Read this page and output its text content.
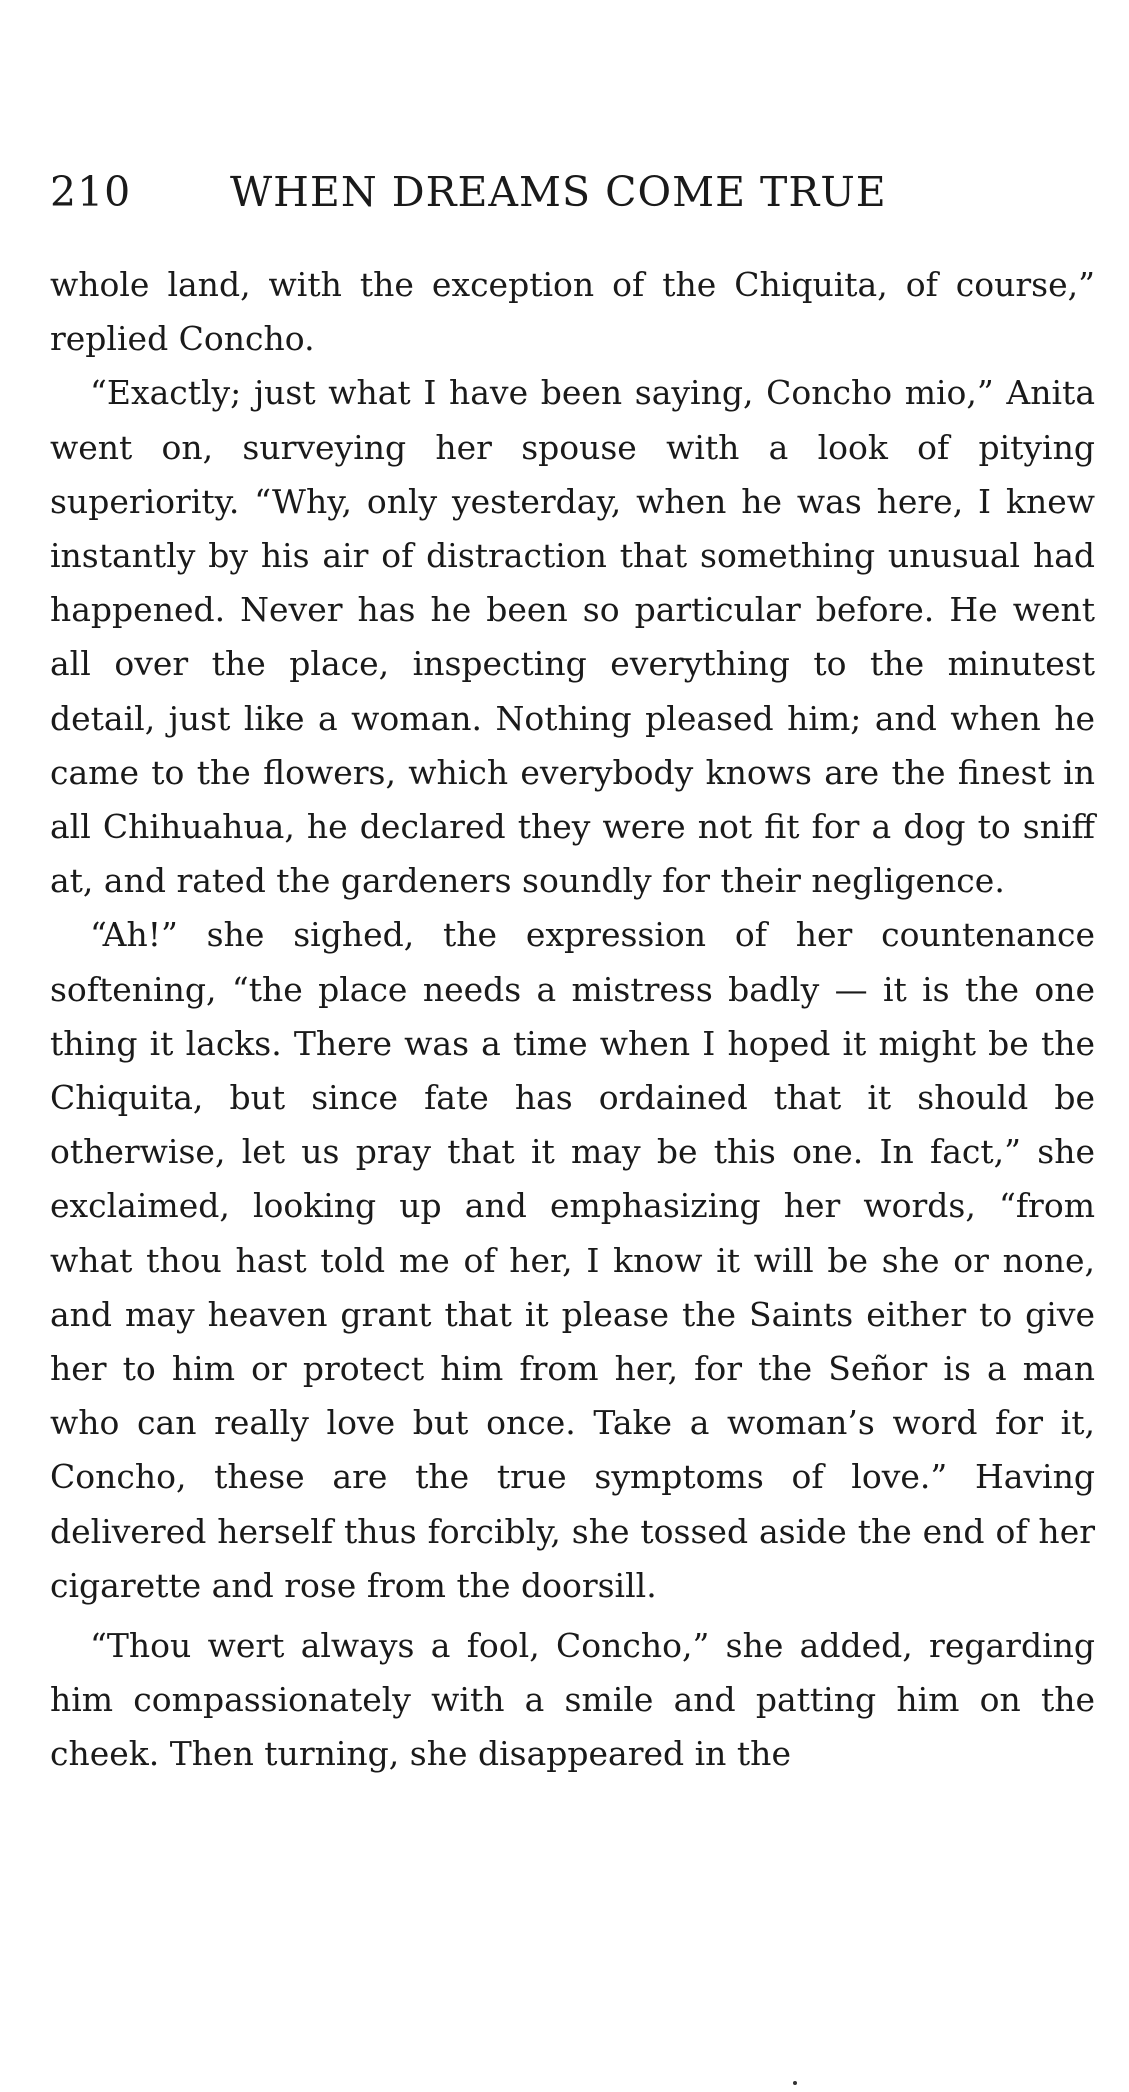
210 WHEN DREAMS COME TRUE

whole land, with the exception of the Chiquita, of course,” replied Concho.

“Exactly; just what I have been saying, Concho mio,” Anita went on, surveying her spouse with a look of pitying superiority. “Why, only yesterday, when he was here, I knew instantly by his air of distraction that something unusual had happened. Never has he been so particular before. He went all over the place, inspecting everything to the minutest detail, just like a woman. Nothing pleased him; and when he came to the flowers, which everybody knows are the finest in all Chihuahua, he declared they were not fit for a dog to sniff at, and rated the gardeners soundly for their negligence.

“Ah!” she sighed, the expression of her countenance softening, “the place needs a mistress badly — it is the one thing it lacks. There was a time when I hoped it might be the Chiquita, but since fate has ordained that it should be otherwise, let us pray that it may be this one. In fact,” she exclaimed, looking up and emphasizing her words, “from what thou hast told me of her, I know it will be she or none, and may heaven grant that it please the Saints either to give her to him or protect him from her, for the Señor is a man who can really love but once. Take a woman’s word for it, Concho, these are the true symptoms of love.” Having delivered herself thus forcibly, she tossed aside the end of her cigarette and rose from the doorsill.

“Thou wert always a fool, Concho,” she added, regarding him compassionately with a smile and patting him on the cheek. Then turning, she disappeared in the
